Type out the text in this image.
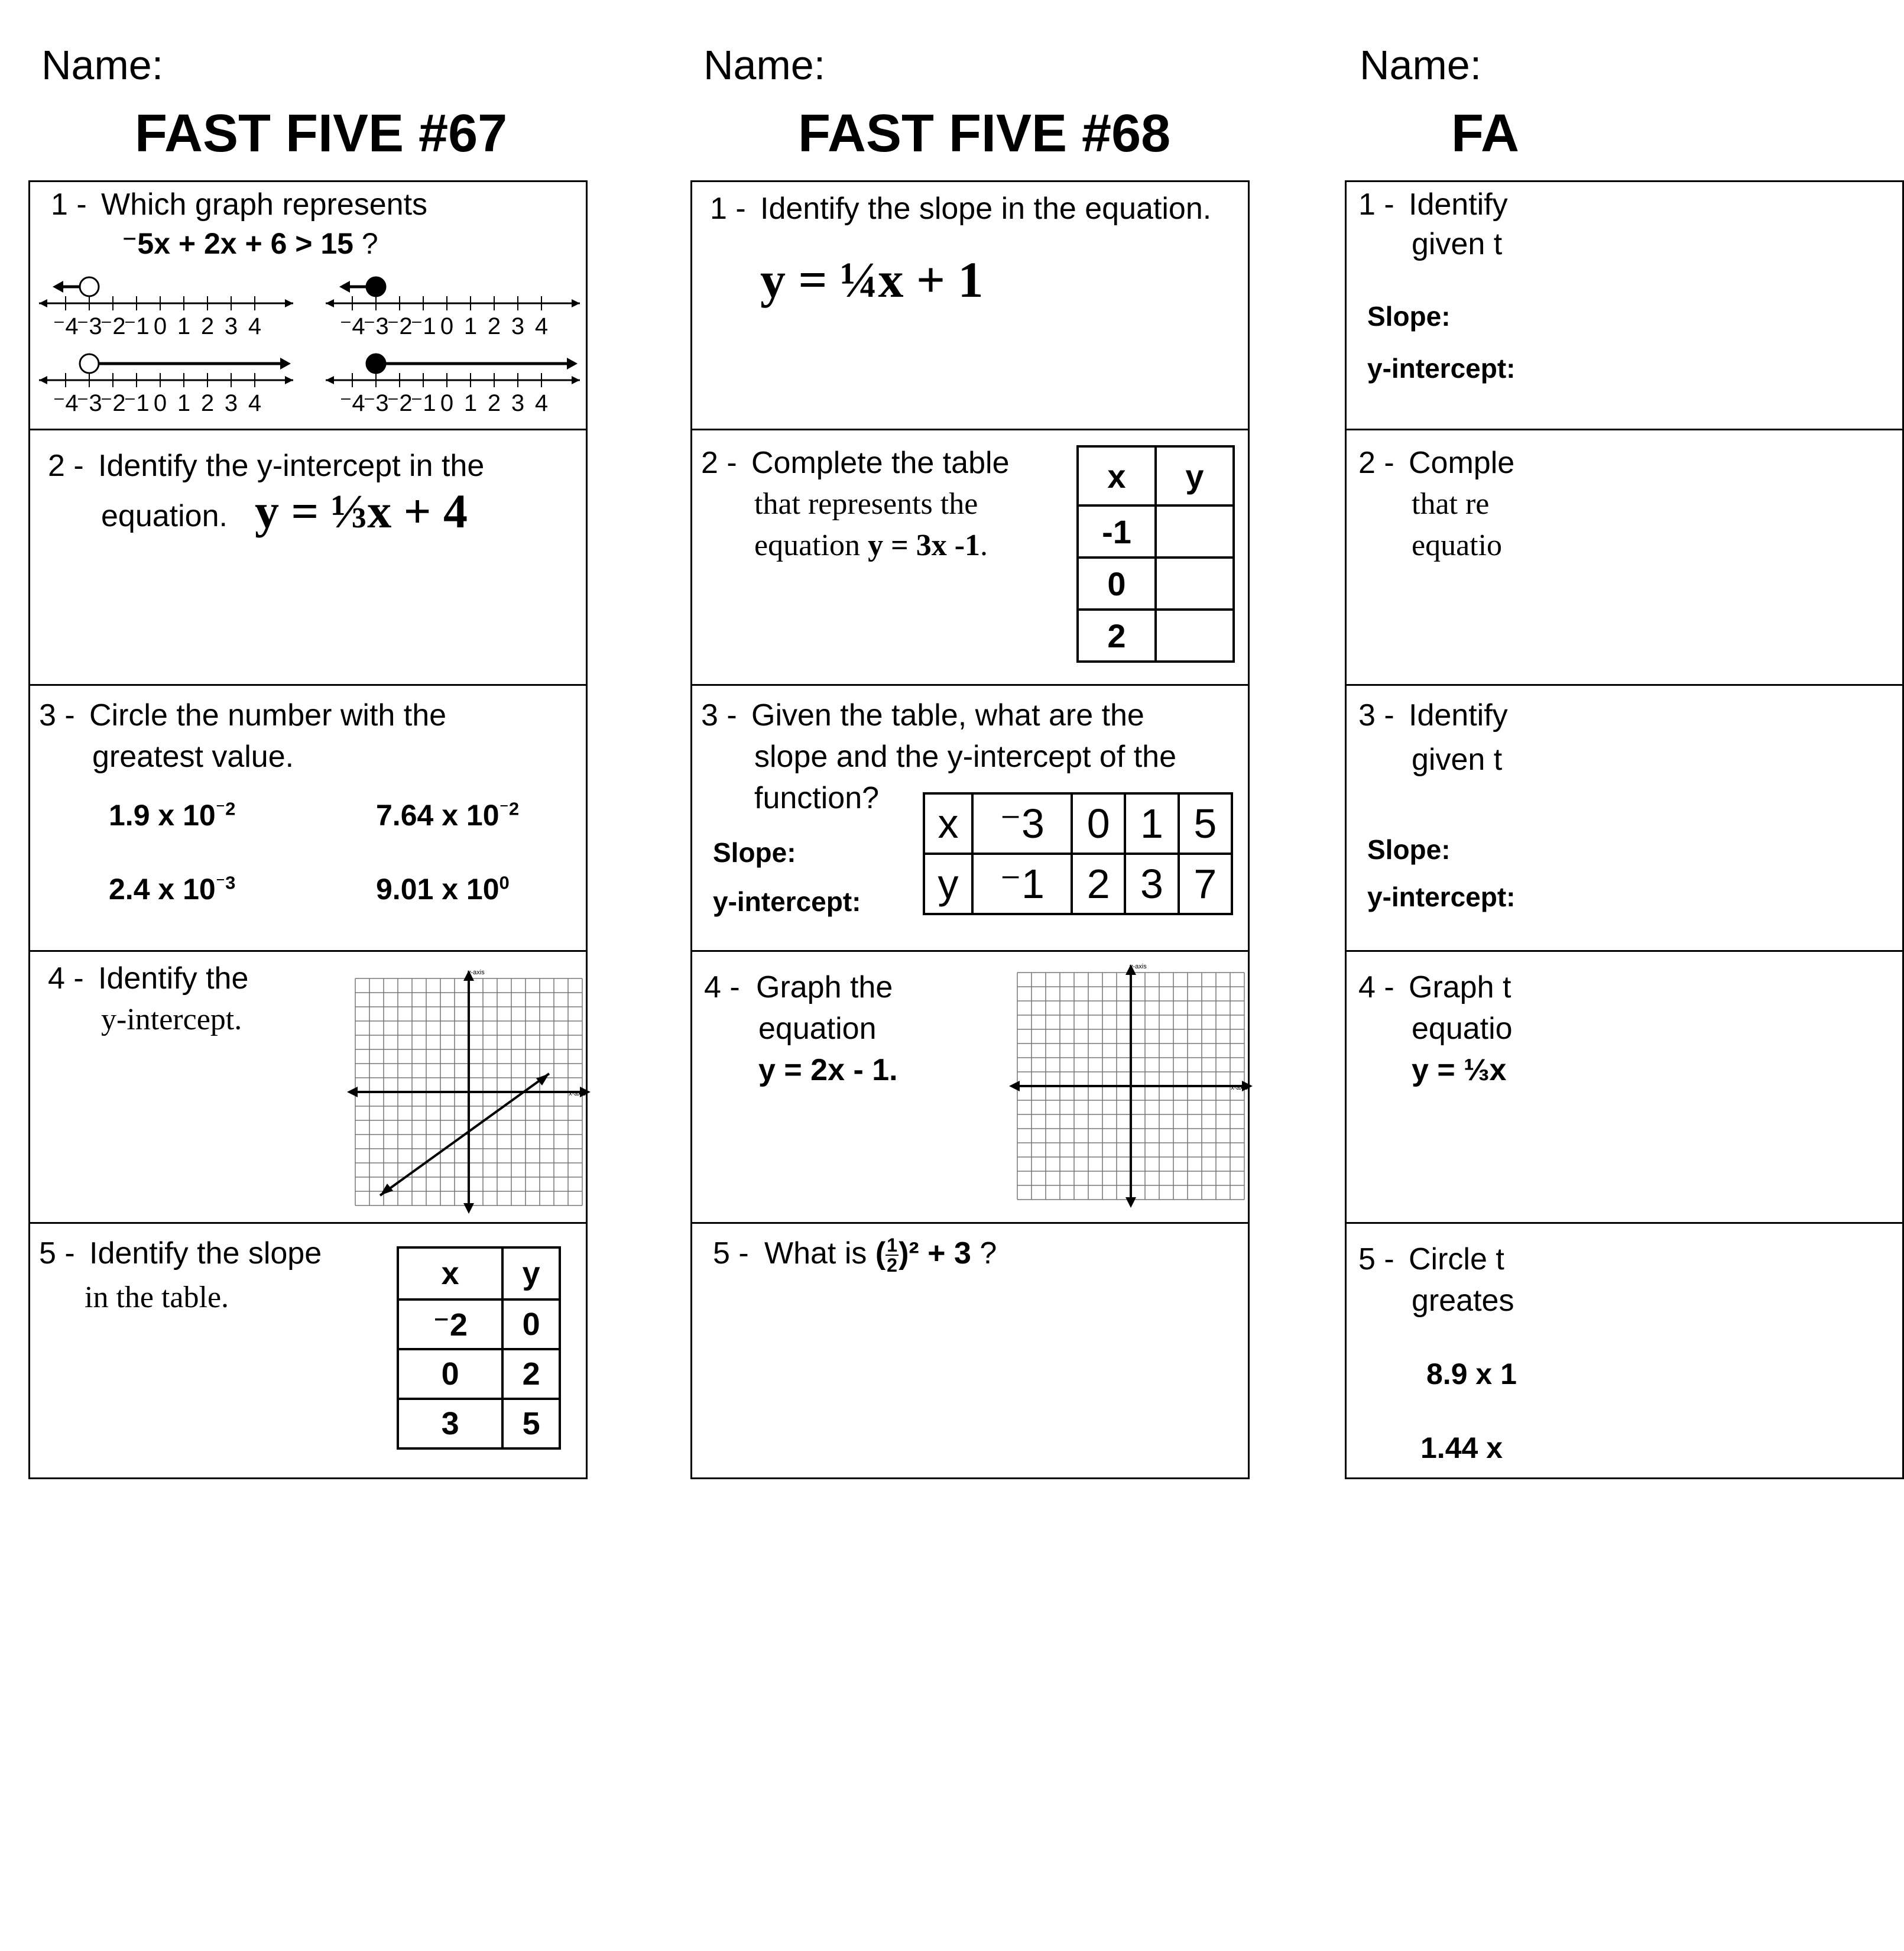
Name:
FAST FIVE #67
1 - Which graph represents
⁻5x + 2x + 6 > 15 ?
⁻4
⁻3
⁻2
⁻1 0 1 2 3 4	⁻4
⁻3
⁻2
⁻1 0 1 2 3 4
⁻4
⁻3
⁻2
⁻1 0 1 2 3 4	⁻4
⁻3
⁻2
⁻1 0 1 2 3 4
2 - Identify the y-intercept in the
equation. y = ⅓x + 4
3 - Circle the number with the
greatest value.
1.9 x $10^{^-2}$	7.64 x $10^{^-2}$
2.4 x $10^{^-3}$	9.01 x $10^0$
4 - Identify the
y-intercept.
y-axis
x-axis
5 - Identify the slope
in the table.
x	y
⁻2	0
0	2
3	5
Name:
FAST FIVE #68
1 - Identify the slope in the equation.
y = ¼x + 1
2 - Complete the table
that represents the
equation y = 3x -1.
x	y
-1	
0	
2	
3 - Given the table, what are the
slope and the y-intercept of the
function?
Slope:
y-intercept:
x	⁻3	0	1	5
y	⁻1	2	3	7
4 - Graph the
equation
y = 2x - 1.
y-axis
x-axis
5 - What is ( $\frac{1}{2} )^2 + 3$ ?
Name:
FA
1 - Identify
given t
Slope:
y-intercept:
2 - Comple
that re
equatio
3 - Identify
given t
Slope:
y-intercept:
4 - Graph t
equatio
y = ⅓x
5 - Circle t
greates
8.9 x 1
1.44 x
